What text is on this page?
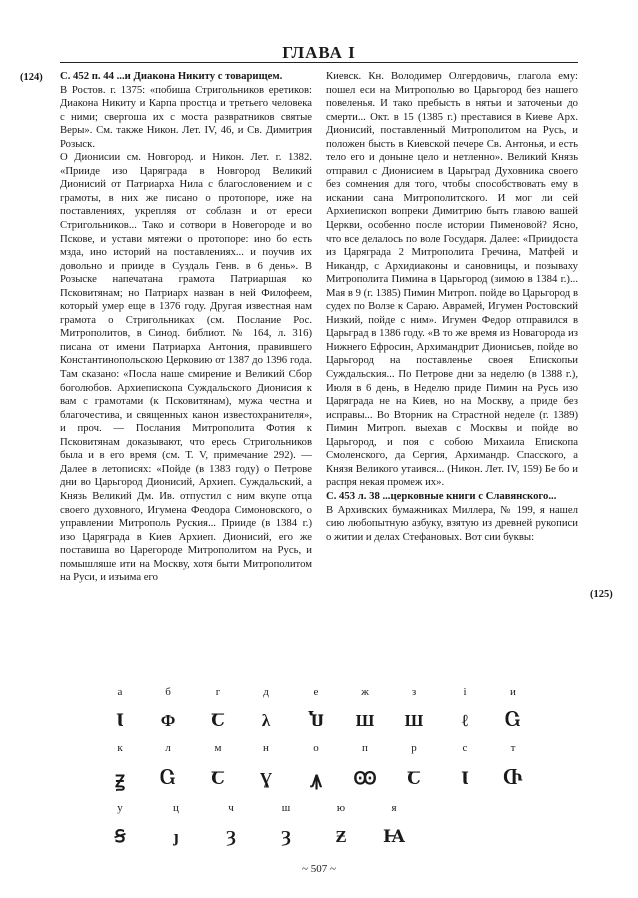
ГЛАВА I
(124) С. 452 п. 44 ...и Диакона Никиту с товарищем.

В Ростов. г. 1375: «побиша Стригольников еретиков: Диакона Никиту и Карпа простца и третьего человека с ними; свергоша их с моста развратников святые Веры». См. также Никон. Лет. IV, 46, и Св. Димитрия Розыск.

О Дионисии см. Новгород. и Никон. Лет. г. 1382. «Прииде изо Царяграда в Новгород Великий Дионисий от Патриарха Нила с благословением и с грамоты, в них же писано о протопоре, иже на поставлениях, укрепляя от соблазн и от ереси Стригольников... Тако и сотвори в Новегороде и во Пскове, и устави мятежи о протопоре: ино бо есть мзда, ино историй на поставлениях... и поучив их довольно и прииде в Суздаль Генв. в 6 день». В Розыске напечатана грамота Патриаршая ко Псковитянам; но Патриарх назван в ней Филофеем, который умер еще в 1376 году. Другая известная нам грамота о Стригольниках (см. Послание Рос. Митрополитов, в Синод. библиот. № 164, л. 316) писана от имени Патриарха Антония, правившего Константинопольскою Церковию от 1387 до 1396 года. Там сказано: «Посла наше смирение и Великий Сбор боголюбов. Архиепископа Суждальского Дионисия к вам с грамотами (к Псковитянам), мужа честна и благочестива, и священных канон известохранителя», и проч. — Послания Митрополита Фотия к Псковитянам доказывают, что ересь Стригольников была и в его время (см. Т. V, примечание 292). — Далее в летописях: «Пойде (в 1383 году) о Петрове дни во Царьгород Дионисий, Архиеп. Суждальский, а Князь Великий Дм. Ив. отпустил с ним вкупе отца своего духовного, Игумена Феодора Симоновского, о управлении Митрополь Руския... Прииде (в 1384 г.) изо Царяграда в Киев Архиеп. Дионисий, его же поставиша во Царегороде Митрополитом на Русь, и помышляше ити на Москву, хотя быти Митрополитом на Руси, и изъима его

Киевск. Кн. Володимер Олгердовичь, глагола ему: пошел еси на Митрополью во Царьгород без нашего повеленья. И тако пребысть в нятьи и заточеньи до смерти... Окт. в 15 (1385 г.) преставися в Киеве Арх. Дионисий, поставленный Митрополитом на Русь, и положен бысть в Киевской печере Св. Антонья, и есть тело его и доныне цело и нетленно». Великий Князь отправил с Дионисием в Царьград Духовника своего без сомнения для того, чтобы способствовать ему в искании сана Митрополитского. И мог ли сей Архиепископ вопреки Димитрию быть главою вашей Церкви, особенно после истории Пименовой? Ясно, что все делалось по воле Государя. Далее: «Приидоста из Царяграда 2 Митрополита Гречина, Матфей и Никандр, с Архидиаконы и сановницы, и позываху Митрополита Пимина в Царьгород (зимою в 1384 г.)... Мая в 9 (г. 1385) Пимин Митроп. пойде во Царьгород в судех по Волзе к Сараю. Аврамей, Игумен Ростовский Низкий, пойде с ним». Игумен Федор отправился в Царьград в 1386 году. «В то же время из Новагорода из Нижнего Ефросин, Архимандрит Дионисьев, пойде во Царьгород на поставленье своея Епископьи Суждальския... По Петрове дни за неделю (в 1388 г.), Июля в 6 день, в Неделю приде Пимин на Русь изо Царяграда не на Киев, но на Москву, а приде без исправы... Во Вторник на Страстной неделе (г. 1389) Пимин Митроп. выехав с Москвы и пойде во Царьгород, и поя с собою Михаила Епископа Смоленского, да Сергия, Архимандр. Спасского, а Князя Великого утаився... (Никон. Лет. IV, 159) Бе бо и распря некая промеж их».

С. 453 л. 38 ...церковные книги с Славянского...

В Архивских бумажниках Миллера, № 199, я нашел сию любопытную азбуку, взятую из древней рукописи о житии и делах Стефановых. Вот сии буквы:

(125)
а	б	г	д	е	ж	з	і	и
Ꙇ	Ф	Ꞇ	λ	Ⴎ	Ш	Ш	ℓ	Ⴚ
к	л	м	н	о	п	р	с	т
Ꙃ	Ⴚ	Ꞇ	Ɣ	Ꙟ	Ꙭ	Ꞇ	Ꙇ	Ⴇ
у	ц	ч	ш	ю	я
Ꞩ	ȷ	Ȝ	Ȝ	Ƶ	Ꙗ
~ 507 ~
